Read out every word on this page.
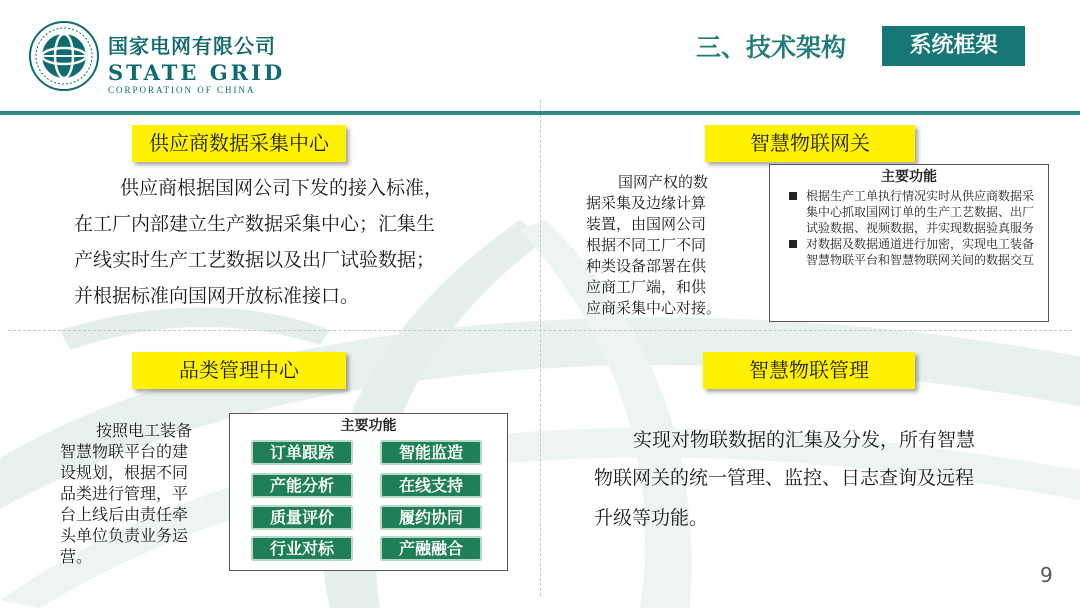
国家电网有限公司
STATE GRID
CORPORATION OF CHINA
三、技术架构	系统框架
供应商数据采集中心
供应商根据国网公司下发的接入标准，
在工厂内部建立生产数据采集中心；汇集生
产线实时生产工艺数据以及出厂试验数据；
并根据标准向国网开放标准接口。
智慧物联网关
国网产权的数
据采集及边缘计算
装置，由国网公司
根据不同工厂不同
种类设备部署在供
应商工厂端，和供
应商采集中心对接。
主要功能
根据生产工单执行情况实时从供应商数据采集中心抓取国网订单的生产工艺数据、出厂试验数据、视频数据，并实现数据验真服务
对数据及数据通道进行加密，实现电工装备智慧物联平台和智慧物联网关间的数据交互
品类管理中心
按照电工装备
智慧物联平台的建
设规划，根据不同
品类进行管理，平
台上线后由责任牵
头单位负责业务运
营。
主要功能
订单跟踪	智能监造
产能分析	在线支持
质量评价	履约协同
行业对标	产融融合
智慧物联管理
实现对物联数据的汇集及分发，所有智慧
物联网关的统一管理、监控、日志查询及远程
升级等功能。
9
